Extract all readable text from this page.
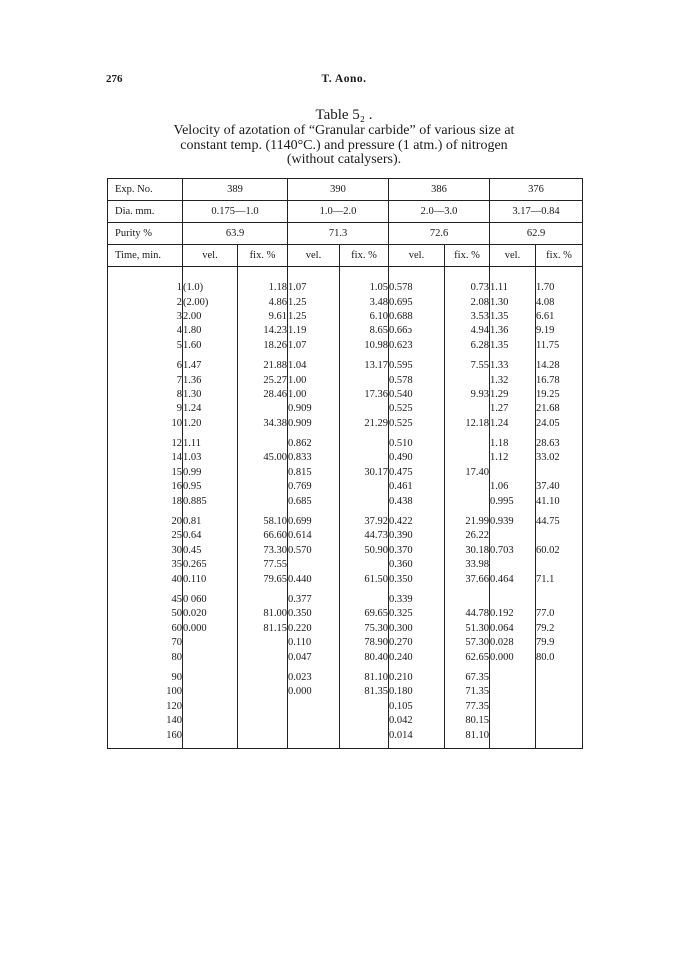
276	T. Aono.
Table 5₂ .
Velocity of azotation of “Granular carbide” of various size at
constant temp. (1140°C.) and pressure (1 atm.) of nitrogen
(without catalysers).
Exp. No.	389		390		386		376	
Dia. mm.	0.175—1.0		1.0—2.0		2.0—3.0		3.17—0.84	
Purity %	63.9		71.3		72.6		62.9	
Time, min.	vel.	fix. %	vel.	fix. %	vel.	fix. %	vel.	fix. %

1	(1.0)	1.18	1.07	1.05	0.578	0.73	1.11	1.70
2	(2.00)	4.86	1.25	3.48	0.695	2.08	1.30	4.08
3	2.00	9.61	1.25	6.10	0.688	3.53	1.35	6.61
4	1.80	14.23	1.19	8.65	0.66ɔ	4.94	1.36	9.19
5	1.60	18.26	1.07	10.98	0.623	6.28	1.35	11.75
6	1.47	21.88	1.04	13.17	0.595	7.55	1.33	14.28
7	1.36	25.27	1.00		0.578		1.32	16.78
8	1.30	28.46	1.00	17.36	0.540	9.93	1.29	19.25
9	1.24		0.909		0.525		1.27	21.68
10	1.20	34.38	0.909	21.29	0.525	12.18	1.24	24.05
12	1.11		0.862		0.510		1.18	28.63
14	1.03	45.00	0.833		0.490		1.12	33.02
15	0.99		0.815	30.17	0.475	17.40		
16	0.95		0.769		0.461		1.06	37.40
18	0.885		0.685		0.438		0.995	41.10
20	0.81	58.10	0.699	37.92	0.422	21.99	0.939	44.75
25	0.64	66.60	0.614	44.73	0.390	26.22		
30	0.45	73.30	0.570	50.90	0.370	30.18	0.703	60.02
35	0.265	77.55			0.360	33.98		
40	0.110	79.65	0.440	61.50	0.350	37.66	0.464	71.1
45	0 060		0.377		0.339			
50	0.020	81.00	0.350	69.65	0.325	44.78	0.192	77.0
60	0.000	81.15	0.220	75.30	0.300	51.30	0.064	79.2
70			0.110	78.90	0.270	57.30	0.028	79.9
80			0.047	80.40	0.240	62.65	0.000	80.0
90			0.023	81.10	0.210	67.35		
100			0.000	81.35	0.180	71.35		
120					0.105	77.35		
140					0.042	80.15		
160					0.014	81.10		
